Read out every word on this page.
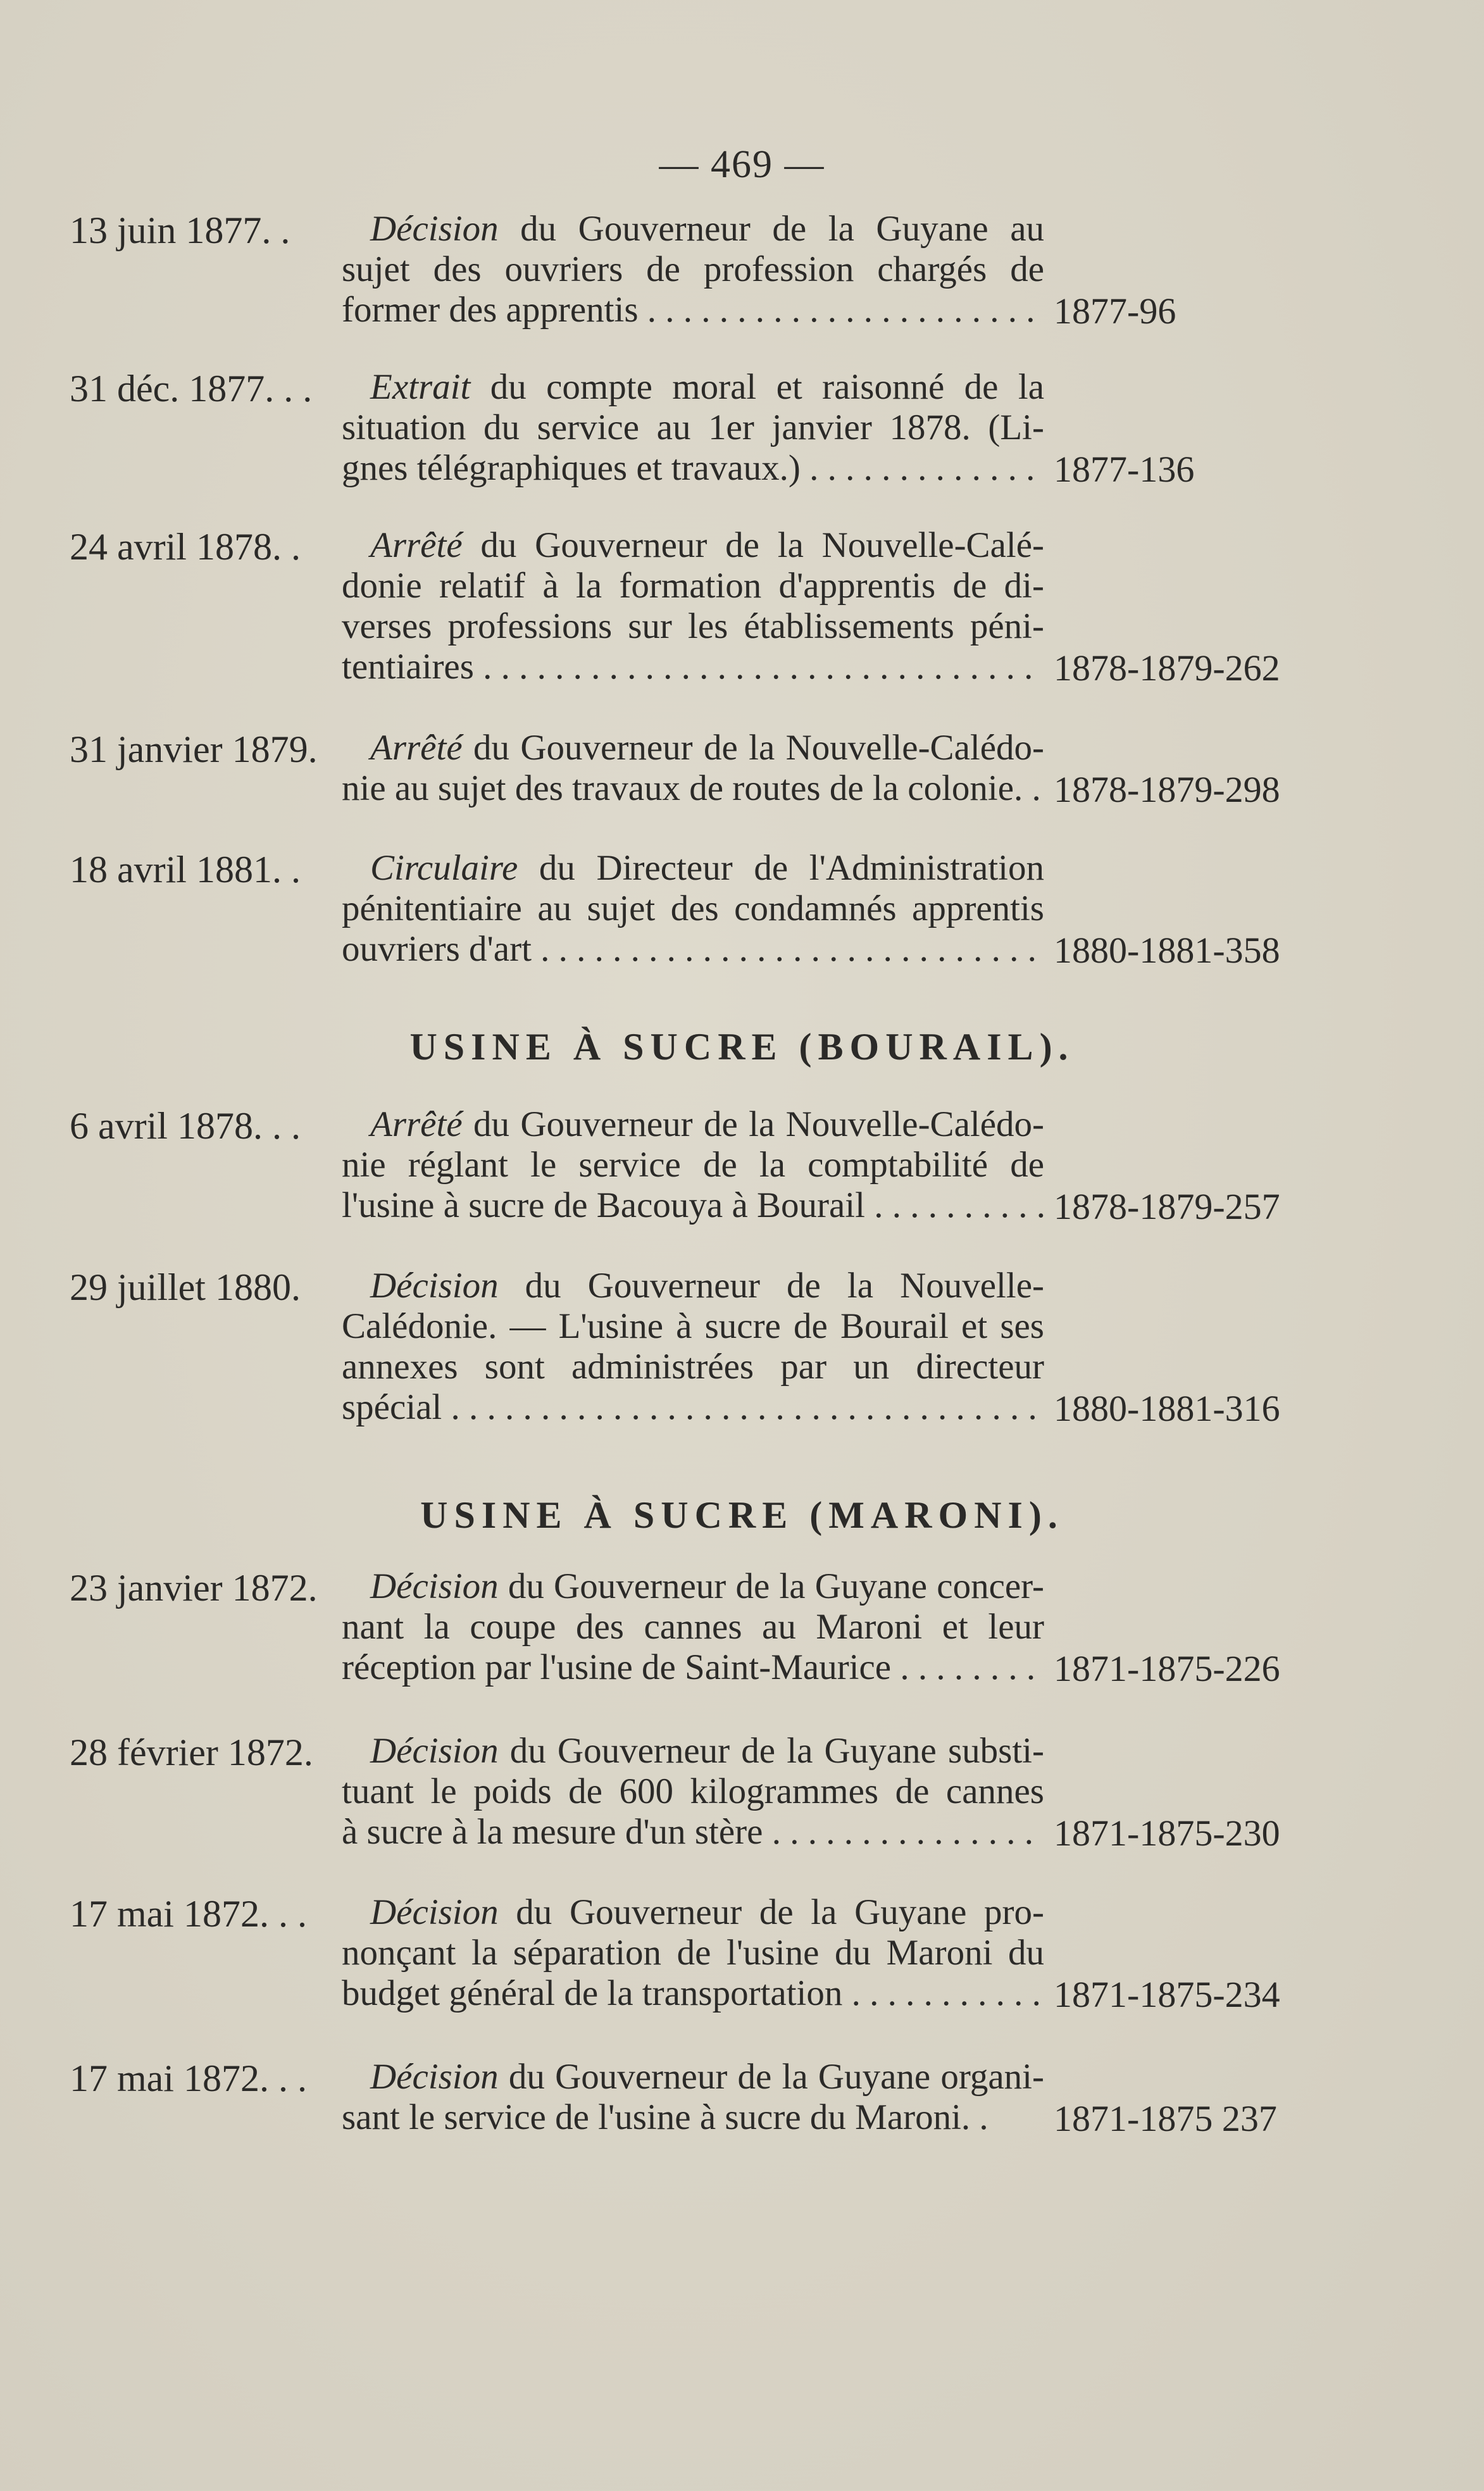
— 469 —
13 juin 1877. .	Décision du Gouverneur de la Guyane au
sujet des ouvriers de profession chargés de
former des apprentis . . .	1877-96
31 déc. 1877. . .	Extrait du compte moral et raisonné de la
situation du service au 1er janvier 1878. (Li-
gnes télégraphiques et travaux.) . . .	1877-136
24 avril 1878. .	Arrêté du Gouverneur de la Nouvelle-Calé-
donie relatif à la formation d'apprentis de di-
verses professions sur les établissements péni-
tentiaires . . .	1878-1879-262
31 janvier 1879.	Arrêté du Gouverneur de la Nouvelle-Calédo-
nie au sujet des travaux de routes de la colonie. . 1878-1879-298
18 avril 1881. .	Circulaire du Directeur de l'Administration
pénitentiaire au sujet des condamnés apprentis
ouvriers d'art . . .	1880-1881-358
USINE À SUCRE (BOURAIL).
6 avril 1878. . .	Arrêté du Gouverneur de la Nouvelle-Calédo-
nie réglant le service de la comptabilité de
l'usine à sucre de Bacouya à Bourail . . .	1878-1879-257
29 juillet 1880.	Décision du Gouverneur de la Nouvelle-
Calédonie. — L'usine à sucre de Bourail et ses
annexes sont administrées par un directeur
spécial . . .	1880-1881-316
USINE À SUCRE (MARONI).
23 janvier 1872.	Décision du Gouverneur de la Guyane concer-
nant la coupe des cannes au Maroni et leur
réception par l'usine de Saint-Maurice . . .	1871-1875-226
28 février 1872.	Décision du Gouverneur de la Guyane substi-
tuant le poids de 600 kilogrammes de cannes
à sucre à la mesure d'un stère . . .	1871-1875-230
17 mai 1872. . .	Décision du Gouverneur de la Guyane pro-
nonçant la séparation de l'usine du Maroni du
budget général de la transportation . . .	1871-1875-234
17 mai 1872. . .	Décision du Gouverneur de la Guyane organi-
sant le service de l'usine à sucre du Maroni. .	1871-1875 237
